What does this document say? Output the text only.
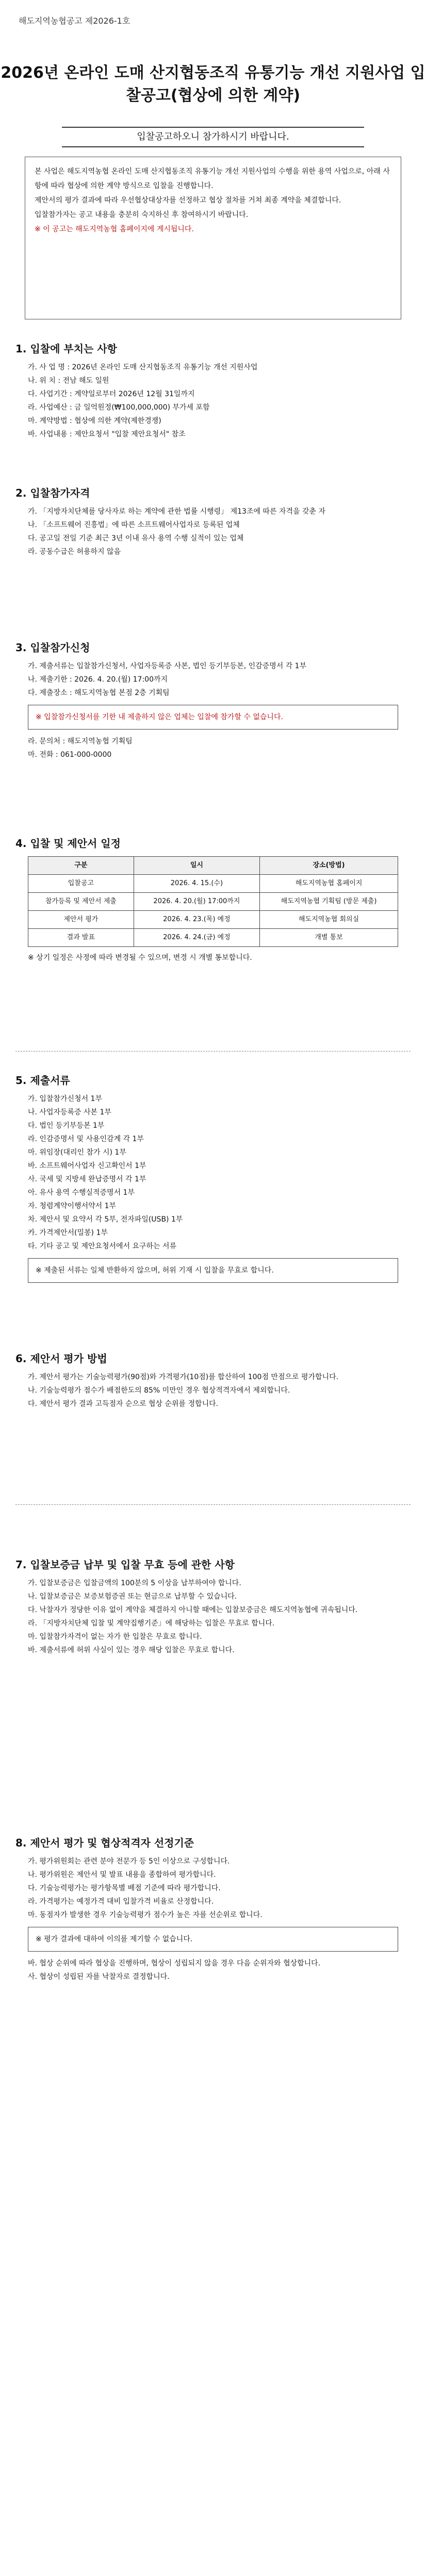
해도지역농협공고 제2026-1호
2026년 온라인 도매 산지협동조직 유통기능 개선 지원사업 입찰공고(협상에 의한 계약)
입찰공고하오니 참가하시기 바랍니다.
본 사업은 해도지역농협 온라인 도매 산지협동조직 유통기능 개선 지원사업의 수행을 위한 용역 사업으로, 아래 사항에 따라 협상에 의한 계약 방식으로 입찰을 진행합니다.
제안서의 평가 결과에 따라 우선협상대상자를 선정하고 협상 절차를 거쳐 최종 계약을 체결합니다.
입찰참가자는 공고 내용을 충분히 숙지하신 후 참여하시기 바랍니다.
※ 이 공고는 해도지역농협 홈페이지에 게시됩니다.
1. 입찰에 부치는 사항
가. 사 업 명 : 2026년 온라인 도매 산지협동조직 유통기능 개선 지원사업
나. 위 치 : 전남 해도 일원
다. 사업기간 : 계약일로부터 2026년 12월 31일까지
라. 사업예산 : 금 일억원정(₩100,000,000) 부가세 포함
마. 계약방법 : 협상에 의한 계약(제한경쟁)
바. 사업내용 : 제안요청서 "입찰 제안요청서" 참조
2. 입찰참가자격
가. 「지방자치단체를 당사자로 하는 계약에 관한 법률 시행령」 제13조에 따른 자격을 갖춘 자
나. 「소프트웨어 진흥법」에 따른 소프트웨어사업자로 등록된 업체
다. 공고일 전일 기준 최근 3년 이내 유사 용역 수행 실적이 있는 업체
라. 공동수급은 허용하지 않음
3. 입찰참가신청
가. 제출서류는 입찰참가신청서, 사업자등록증 사본, 법인 등기부등본, 인감증명서 각 1부
나. 제출기한 : 2026. 4. 20.(월) 17:00까지
다. 제출장소 : 해도지역농협 본점 2층 기획팀
※ 입찰참가신청서를 기한 내 제출하지 않은 업체는 입찰에 참가할 수 없습니다.
라. 문의처 : 해도지역농협 기획팀
마. 전화 : 061-000-0000
4. 입찰 및 제안서 일정
구분	일시	장소(방법)
입찰공고	2026. 4. 15.(수)	해도지역농협 홈페이지
참가등록 및 제안서 제출	2026. 4. 20.(월) 17:00까지	해도지역농협 기획팀 (방문 제출)
제안서 평가	2026. 4. 23.(목) 예정	해도지역농협 회의실
결과 발표	2026. 4. 24.(금) 예정	개별 통보
※ 상기 일정은 사정에 따라 변경될 수 있으며, 변경 시 개별 통보합니다.
5. 제출서류
가. 입찰참가신청서 1부
나. 사업자등록증 사본 1부
다. 법인 등기부등본 1부
라. 인감증명서 및 사용인감계 각 1부
마. 위임장(대리인 참가 시) 1부
바. 소프트웨어사업자 신고확인서 1부
사. 국세 및 지방세 완납증명서 각 1부
아. 유사 용역 수행실적증명서 1부
자. 청렴계약이행서약서 1부
차. 제안서 및 요약서 각 5부, 전자파일(USB) 1부
카. 가격제안서(밀봉) 1부
타. 기타 공고 및 제안요청서에서 요구하는 서류
※ 제출된 서류는 일체 반환하지 않으며, 허위 기재 시 입찰을 무효로 합니다.
6. 제안서 평가 방법
가. 제안서 평가는 기술능력평가(90점)와 가격평가(10점)를 합산하여 100점 만점으로 평가합니다.
나. 기술능력평가 점수가 배점한도의 85% 미만인 경우 협상적격자에서 제외합니다.
다. 제안서 평가 결과 고득점자 순으로 협상 순위를 정합니다.
7. 입찰보증금 납부 및 입찰 무효 등에 관한 사항
가. 입찰보증금은 입찰금액의 100분의 5 이상을 납부하여야 합니다.
나. 입찰보증금은 보증보험증권 또는 현금으로 납부할 수 있습니다.
다. 낙찰자가 정당한 이유 없이 계약을 체결하지 아니할 때에는 입찰보증금은 해도지역농협에 귀속됩니다.
라. 「지방자치단체 입찰 및 계약집행기준」에 해당하는 입찰은 무효로 합니다.
마. 입찰참가자격이 없는 자가 한 입찰은 무효로 합니다.
바. 제출서류에 허위 사실이 있는 경우 해당 입찰은 무효로 합니다.
8. 제안서 평가 및 협상적격자 선정기준
가. 평가위원회는 관련 분야 전문가 등 5인 이상으로 구성합니다.
나. 평가위원은 제안서 및 발표 내용을 종합하여 평가합니다.
다. 기술능력평가는 평가항목별 배점 기준에 따라 평가합니다.
라. 가격평가는 예정가격 대비 입찰가격 비율로 산정합니다.
마. 동점자가 발생한 경우 기술능력평가 점수가 높은 자를 선순위로 합니다.
※ 평가 결과에 대하여 이의를 제기할 수 없습니다.
바. 협상 순위에 따라 협상을 진행하며, 협상이 성립되지 않을 경우 다음 순위자와 협상합니다.
사. 협상이 성립된 자를 낙찰자로 결정합니다.
